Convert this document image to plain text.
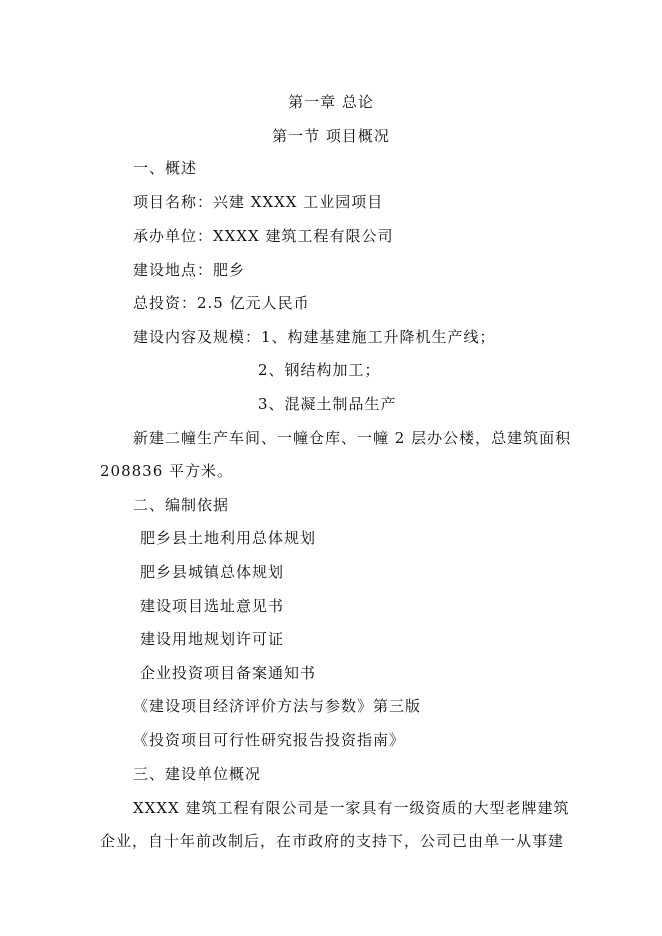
第一章 总论
第一节 项目概况
一、概述
项目名称：兴建 XXXX 工业园项目
承办单位：XXXX 建筑工程有限公司
建设地点：肥乡
总投资：2.5 亿元人民币
建设内容及规模：1、构建基建施工升降机生产线；
2、钢结构加工；
3、混凝土制品生产
新建二幢生产车间、一幢仓库、一幢 2 层办公楼，总建筑面积
208836 平方米。
二、编制依据
肥乡县土地利用总体规划
肥乡县城镇总体规划
建设项目选址意见书
建设用地规划许可证
企业投资项目备案通知书
《建设项目经济评价方法与参数》第三版
《投资项目可行性研究报告投资指南》
三、建设单位概况
XXXX 建筑工程有限公司是一家具有一级资质的大型老牌建筑
企业，自十年前改制后，在市政府的支持下，公司已由单一从事建
